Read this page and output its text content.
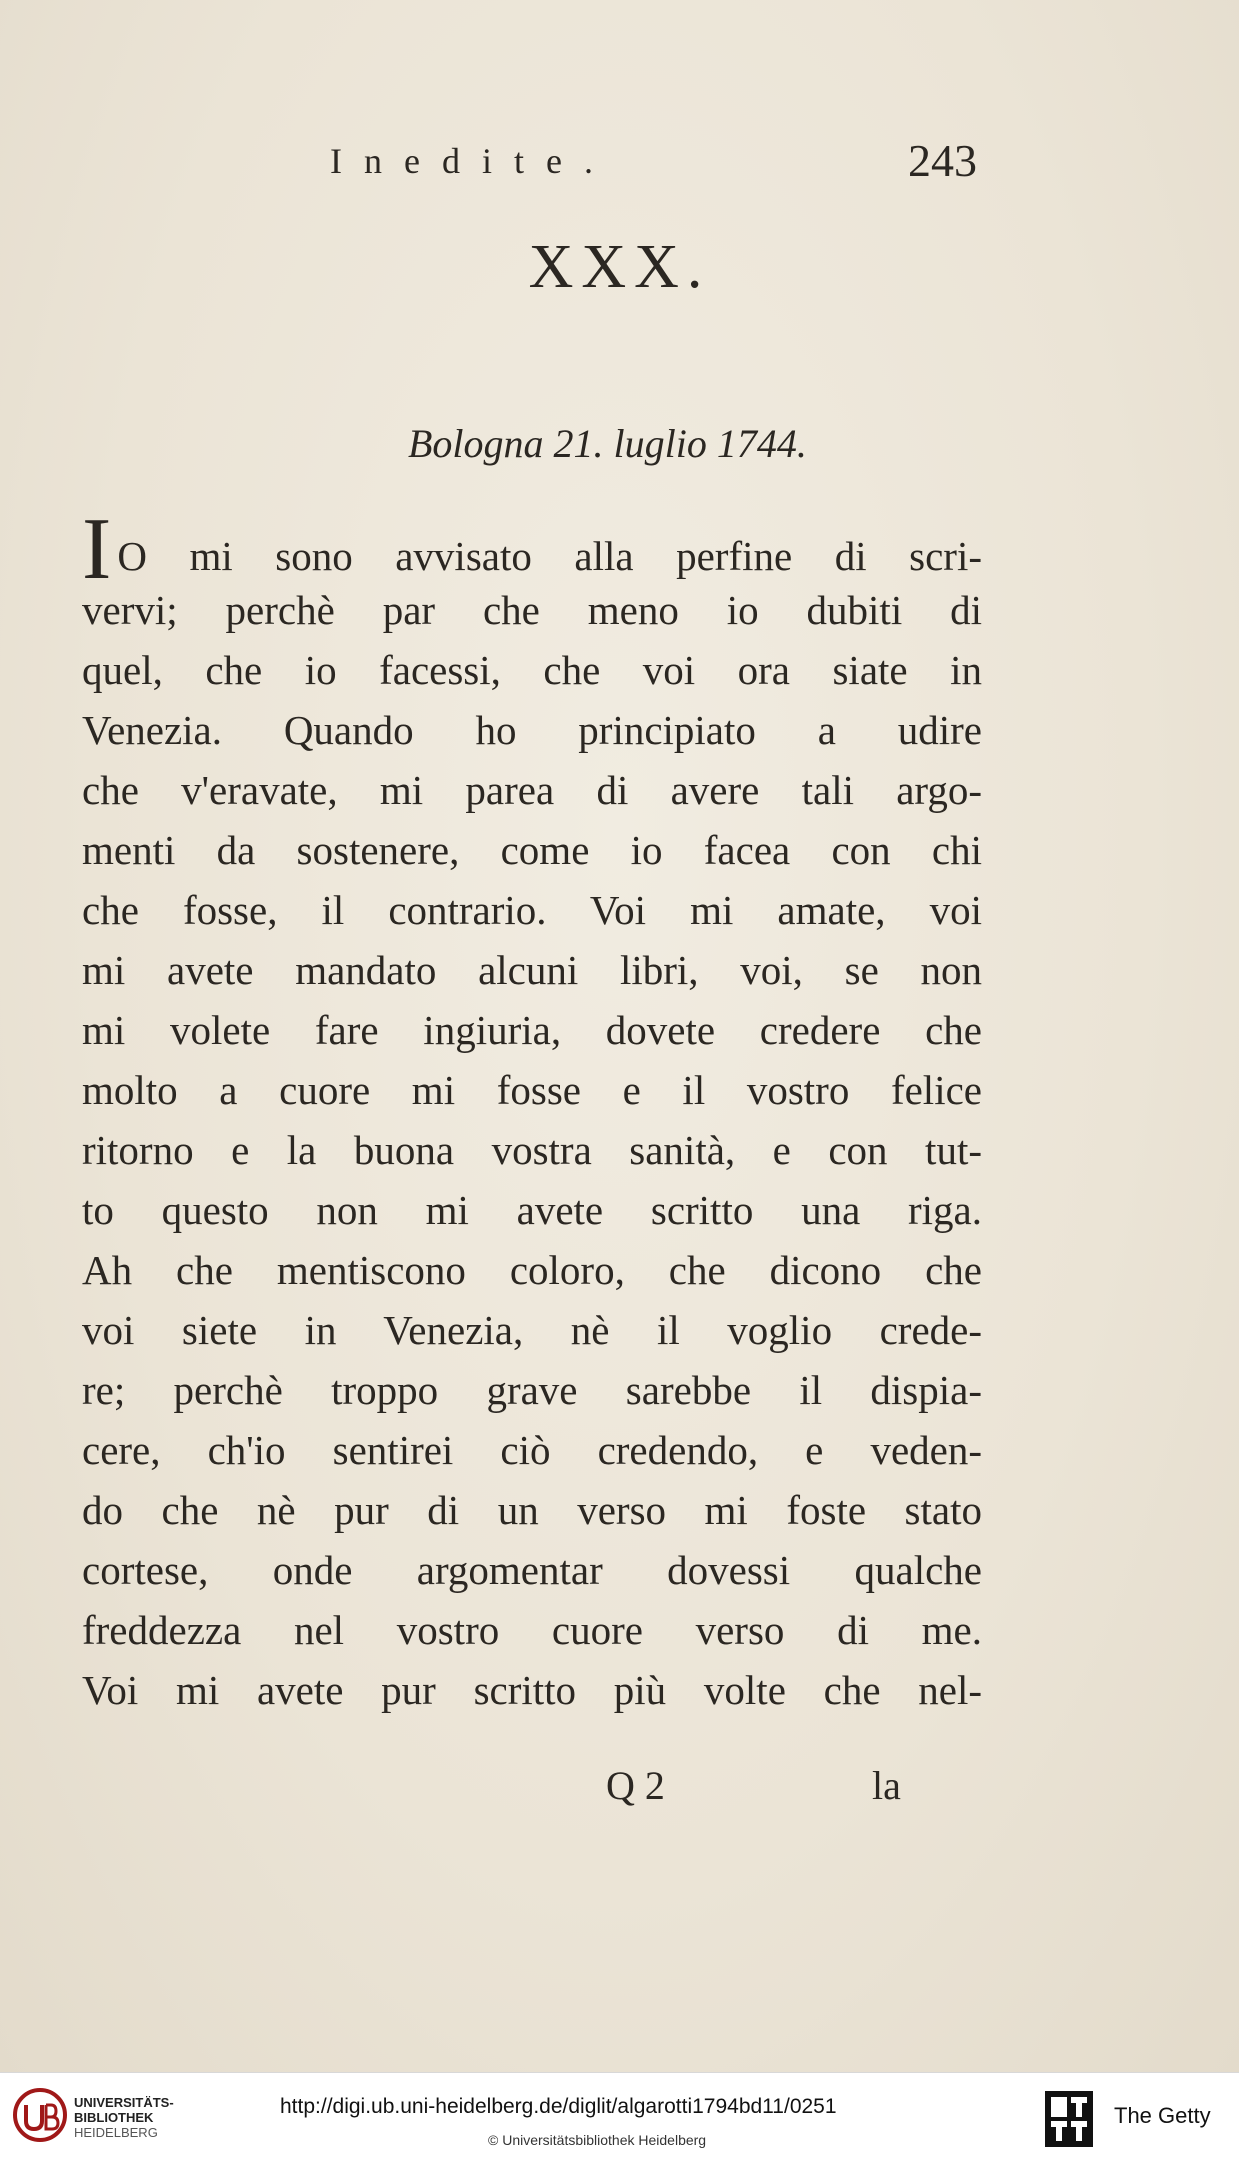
Inedite.	243
XXX.
Bologna 21. luglio 1744.
I O mi sono avvisato alla perfine di scri-
vervi; perchè par che meno io dubiti di
quel, che io facessi, che voi ora siate in
Venezia. Quando ho principiato a udire
che v'eravate, mi parea di avere tali argo-
menti da sostenere, come io facea con chi
che fosse, il contrario. Voi mi amate, voi
mi avete mandato alcuni libri, voi, se non
mi volete fare ingiuria, dovete credere che
molto a cuore mi fosse e il vostro felice
ritorno e la buona vostra sanità, e con tut-
to questo non mi avete scritto una riga.
Ah che mentiscono coloro, che dicono che
voi siete in Venezia, nè il voglio crede-
re; perchè troppo grave sarebbe il dispia-
cere, ch'io sentirei ciò credendo, e veden-
do che nè pur di un verso mi foste stato
cortese, onde argomentar dovessi qualche
freddezza nel vostro cuore verso di me.
Voi mi avete pur scritto più volte che nel-
Q 2	la
UNIVERSITÄTS-
BIBLIOTHEK
HEIDELBERG
http://digi.ub.uni-heidelberg.de/diglit/algarotti1794bd11/0251
© Universitätsbibliothek Heidelberg
The Getty
